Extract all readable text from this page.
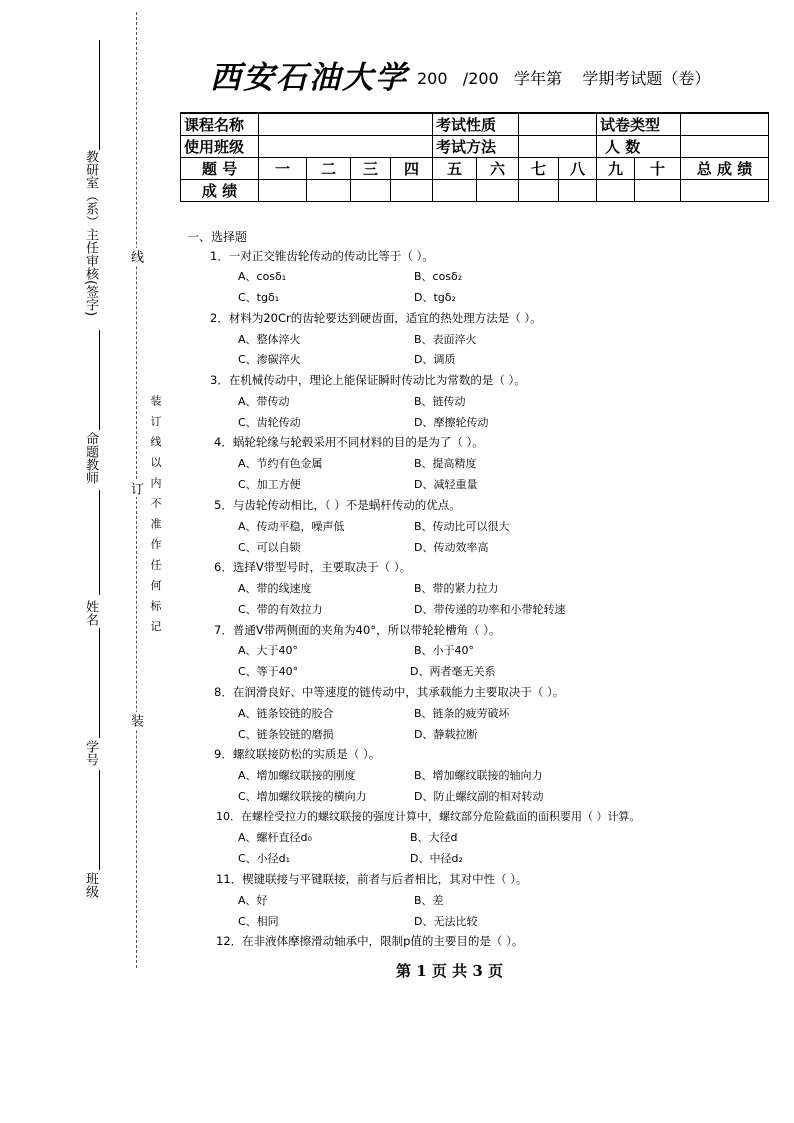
教研室（系）主任审核(签字)
命题教师
姓名
学号
班级
线
订
装
装 订 线 以 内 不 准 作 任 何 标 记
西安石油大学 200   /200   学年第    学期考试题（卷）
课程名称					考试性质				试卷类型		
使用班级					考试方法				人 数		
题 号	一	二	三	四	五	六	七	八	九	十	总 成 绩
成 绩											
一、选择题
1．一对正交锥齿轮传动的传动比等于（ ）。
A、cosδ₁	B、cosδ₂
C、tgδ₁	D、tgδ₂
2．材料为20Cr的齿轮要达到硬齿面，适宜的热处理方法是（ ）。
A、整体淬火	B、表面淬火
C、渗碳淬火	D、调质
3．在机械传动中，理论上能保证瞬时传动比为常数的是（ ）。
A、带传动	B、链传动
C、齿轮传动	D、摩擦轮传动
4．蜗轮轮缘与轮毂采用不同材料的目的是为了（ ）。
A、节约有色金属	B、提高精度
C、加工方便	D、减轻重量
5．与齿轮传动相比，（ ）不是蜗杆传动的优点。
A、传动平稳，噪声低	B、传动比可以很大
C、可以自锁	D、传动效率高
6．选择V带型号时，主要取决于（ ）。
A、带的线速度	B、带的紧力拉力
C、带的有效拉力	D、带传递的功率和小带轮转速
7．普通V带两侧面的夹角为40°，所以带轮轮槽角（ ）。
A、大于40°	B、小于40°
C、等于40°	D、两者毫无关系
8．在润滑良好、中等速度的链传动中，其承载能力主要取决于（ ）。
A、链条铰链的胶合	B、链条的疲劳破坏
C、链条铰链的磨损	D、静载拉断
9．螺纹联接防松的实质是（ ）。
A、增加螺纹联接的刚度	B、增加螺纹联接的轴向力
C、增加螺纹联接的横向力	D、防止螺纹副的相对转动
10．在螺栓受拉力的螺纹联接的强度计算中，螺纹部分危险截面的面积要用（ ）计算。
A、螺杆直径d₀	B、大径d
C、小径d₁	D、中径d₂
11．楔键联接与平键联接，前者与后者相比，其对中性（ ）。
A、好	B、差
C、相同	D、无法比较
12．在非液体摩擦滑动轴承中，限制p值的主要目的是（ ）。
第 1 页 共 3 页
